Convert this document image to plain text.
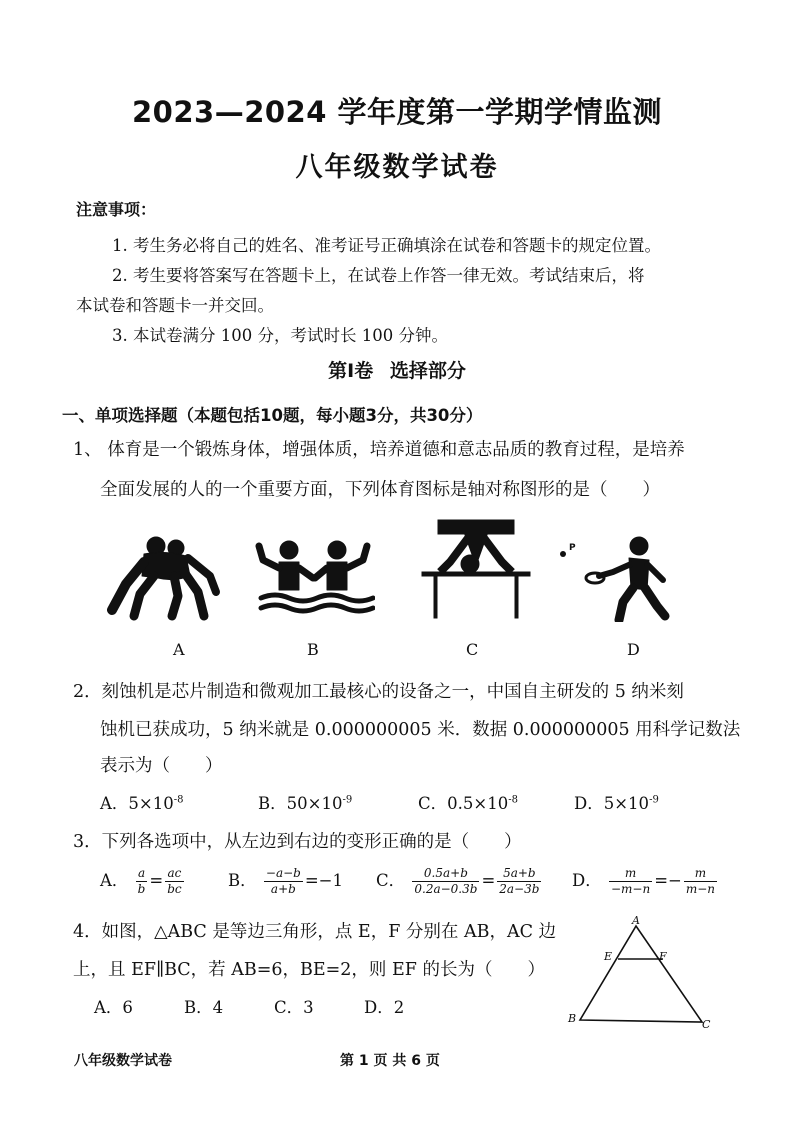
2023—2024 学年度第一学期学情监测
八年级数学试卷
注意事项：
1. 考生务必将自己的姓名、准考证号正确填涂在试卷和答题卡的规定位置。
2. 考生要将答案写在答题卡上，在试卷上作答一律无效。考试结束后，将
本试卷和答题卡一并交回。
3. 本试卷满分 100 分，考试时长 100 分钟。
第Ⅰ卷 选择部分
一、单项选择题（本题包括10题，每小题3分，共30分）
1、 体育是一个锻炼身体，增强体质，培养道德和意志品质的教育过程，是培养
全面发展的人的一个重要方面，下列体育图标是轴对称图形的是（　　）
P
A	B	C	D
2．刻蚀机是芯片制造和微观加工最核心的设备之一，中国自主研发的 5 纳米刻
蚀机已获成功，5 纳米就是 0.000000005 米．数据 0.000000005 用科学记数法
表示为（　　）
A．$5\times 10^{-8}$	B．$50\times 10^{-9}$	C．$0.5\times 10^{-8}$	D．$5\times 10^{-9}$
3．下列各选项中，从左边到右边的变形正确的是（　　）
A． $\frac{a}{b} = \frac{ac}{bc}$	B． $\frac{-a-b}{a+b} =-1$ C． $\frac{0.5a+b}{0.2a-0.3b} = \frac{5a+b}{2a-3b}$ D． $\frac{m}{-m-n} =- \frac{m}{m-n}$
4．如图，△ABC 是等边三角形，点 E，F 分别在 AB，AC 边
上，且 EF∥BC，若 AB=6，BE=2，则 EF 的长为（　　）
A．6	B．4	C．3	D．2
A
E	F
B	C
八年级数学试卷	第 1 页 共 6 页
